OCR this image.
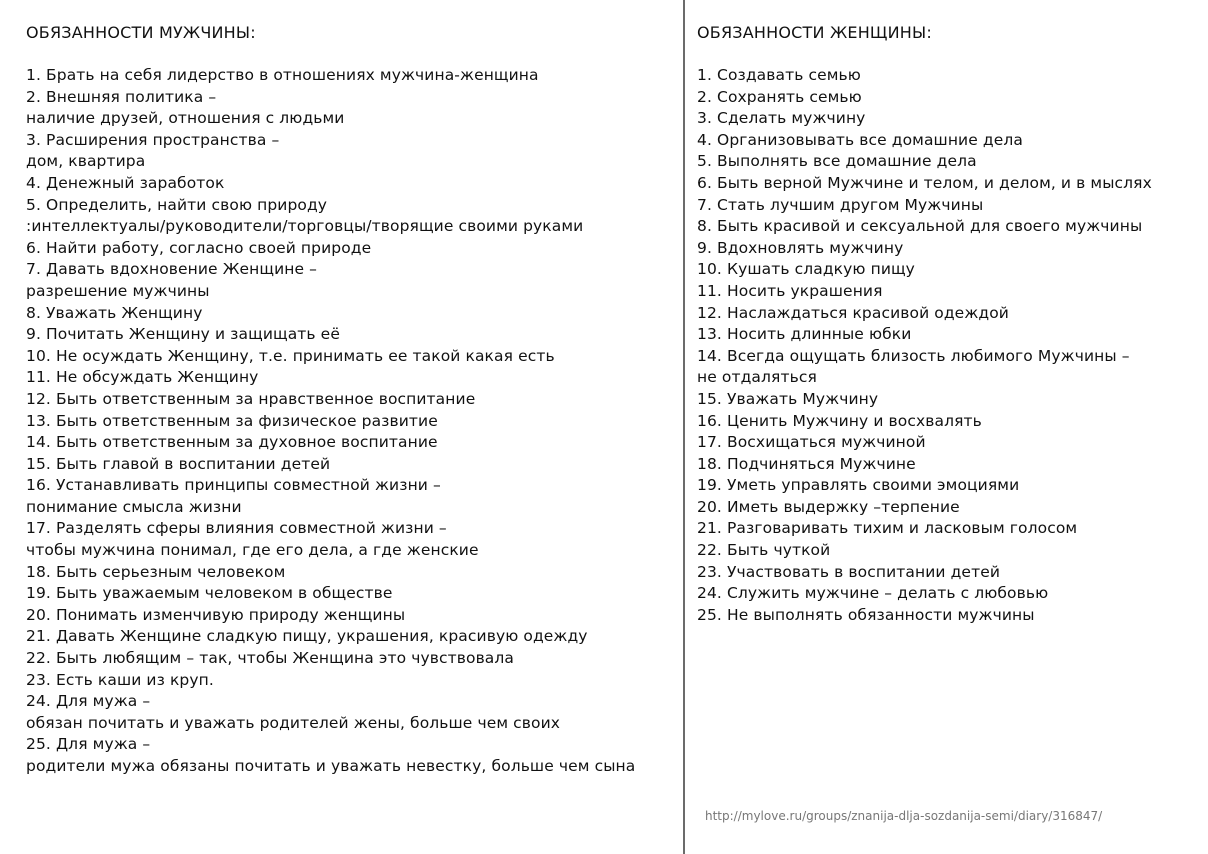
ОБЯЗАННОСТИ МУЖЧИНЫ:
1. Брать на себя лидерство в отношениях мужчина-женщина
2. Внешняя политика –
наличие друзей, отношения с людьми
3. Расширения пространства –
дом, квартира
4. Денежный заработок
5. Определить, найти свою природу
:интеллектуалы/руководители/торговцы/творящие своими руками
6. Найти работу, согласно своей природе
7. Давать вдохновение Женщине –
разрешение мужчины
8. Уважать Женщину
9. Почитать Женщину и защищать её
10. Не осуждать Женщину, т.е. принимать ее такой какая есть
11. Не обсуждать Женщину
12. Быть ответственным за нравственное воспитание
13. Быть ответственным за физическое развитие
14. Быть ответственным за духовное воспитание
15. Быть главой в воспитании детей
16. Устанавливать принципы совместной жизни –
понимание смысла жизни
17. Разделять сферы влияния совместной жизни –
чтобы мужчина понимал, где его дела, а где женские
18. Быть серьезным человеком
19. Быть уважаемым человеком в обществе
20. Понимать изменчивую природу женщины
21. Давать Женщине сладкую пищу, украшения, красивую одежду
22. Быть любящим – так, чтобы Женщина это чувствовала
23. Есть каши из круп.
24. Для мужа –
обязан почитать и уважать родителей жены, больше чем своих
25. Для мужа –
родители мужа обязаны почитать и уважать невестку, больше чем сына
ОБЯЗАННОСТИ ЖЕНЩИНЫ:
1. Создавать семью
2. Сохранять семью
3. Сделать мужчину
4. Организовывать все домашние дела
5. Выполнять все домашние дела
6. Быть верной Мужчине и телом, и делом, и в мыслях
7. Стать лучшим другом Мужчины
8. Быть красивой и сексуальной для своего мужчины
9. Вдохновлять мужчину
10. Кушать сладкую пищу
11. Носить украшения
12. Наслаждаться красивой одеждой
13. Носить длинные юбки
14. Всегда ощущать близость любимого Мужчины –
не отдаляться
15. Уважать Мужчину
16. Ценить Мужчину и восхвалять
17. Восхищаться мужчиной
18. Подчиняться Мужчине
19. Уметь управлять своими эмоциями
20. Иметь выдержку –терпение
21. Разговаривать тихим и ласковым голосом
22. Быть чуткой
23. Участвовать в воспитании детей
24. Служить мужчине – делать с любовью
25. Не выполнять обязанности мужчины
http://mylove.ru/groups/znanija-dlja-sozdanija-semi/diary/316847/
